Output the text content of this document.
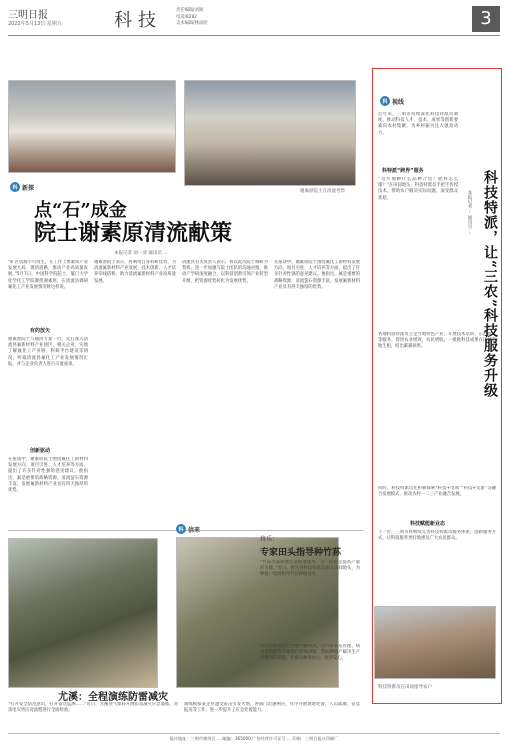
三明日报
2022年5月13日 星期五	科技	责任编辑/刘闽
电话/8282
美术编辑/林雨欣	3
谢素原院士在清流考察
科 新探
点“石”成金
院士谢素原清流献策
本报记者 刘一清 通讯员 ...
“矿区资源不可再生，在工作上要紧扣产业发展大局，理清思路，推动产业高质量发展。”5月7日，中国科学院院士、厦门大学化学化工学院教授谢素原，在清流县调研氟化工产业发展情况时这样说。
有的放矢
谢素原院士与随同专家一行，先后深入清流县氟新材料产业园区、相关企业，实地了解氟化工产业链、科研平台建设等情况，听取清流县氟化工产业发展情况汇报，并与企业负责人进行交流座谈。
创新驱动
在座谈中，谢素原院士围绕氟化工新材料发展方向、项目引进、人才培养等方面，提出了许多针对性强的意见建议。他指出，氟是重要的战略资源，清流萤石资源丰富，发展氟新材料产业具有得天独厚的优势。
谢素原院士表示，将利用自身科研优势，为清流氟新材料产业发展、技术创新、人才培养牵线搭桥，助力清流氟新材料产业高质量发展。
清流县有关负责人表示，将以此次院士调研为契机，进一步加强与院士团队的沟通对接，推动产学研深度融合，以科技创新引领产业转型升级，把资源优势转化为发展优势。
在座谈中，谢素原院士围绕氟化工新材料发展方向、项目引进、人才培养等方面，提出了许多针对性强的意见建议。他指出，氟是重要的战略资源，清流萤石资源丰富，发展氟新材料产业具有得天独厚的优势。
尤溪：全程演练防雷减灾
“打开安全防范意识，打开雷达监测……”近日，尤溪县气象局开展防雷减灾应急演练，对雷电灾害应对流程进行全面检验。
演练模拟某企业遭受雷击引发火情，各部门迅速响应，有序开展现场处置、人员疏散、信息报送等工作，进一步提升了应急处置能力。
科 信来
将乐：
专家田头指导种竹荪
“竹荪出菇期要注意保湿通风，这一阶段是提高产量的关键。”近日，将乐县科技特派员深入田间地头，为种植户现场指导竹荪种植技术。
科技特派员结合当地气候特点，对竹荪栽培管理、病虫害防治等方面进行详细讲解，帮助种植户解决生产中遇到的难题，让群众种得放心、收得安心。
科 视线
科技特派，让“三农”科技服务升级
本报记者 ... 通讯员 ...
近年来，三明市持续深化科技特派员制度，推动科技人才、技术、成果等创新要素向农村集聚，为乡村振兴注入强劲动力。
科特派“跨界”服务
“这片地种什么品种合适？肥料怎么施？”在田间地头，科技特派员手把手传授技术，帮助农户解决实际问题，深受群众欢迎。
各地科技特派员立足当地特色产业，开展技术培训、示范推广等服务，促进农业增效、农民增收。一批批科技成果在田间落地生根，结出累累硕果。
同时，科技特派员还积极探索“科技+电商”“科技+文旅”等融合发展模式，推动农村一二三产业融合发展。
科技赋能新业态
下一步，三明市将继续完善科技特派员服务体系，创新服务方式，让科技服务更好地惠及广大农民群众。
科技特派员在田间指导农户
报社地址：三明市梅列区 ... 邮编：365000 广告经营许可证号 ... 印刷：三明日报社印刷厂
